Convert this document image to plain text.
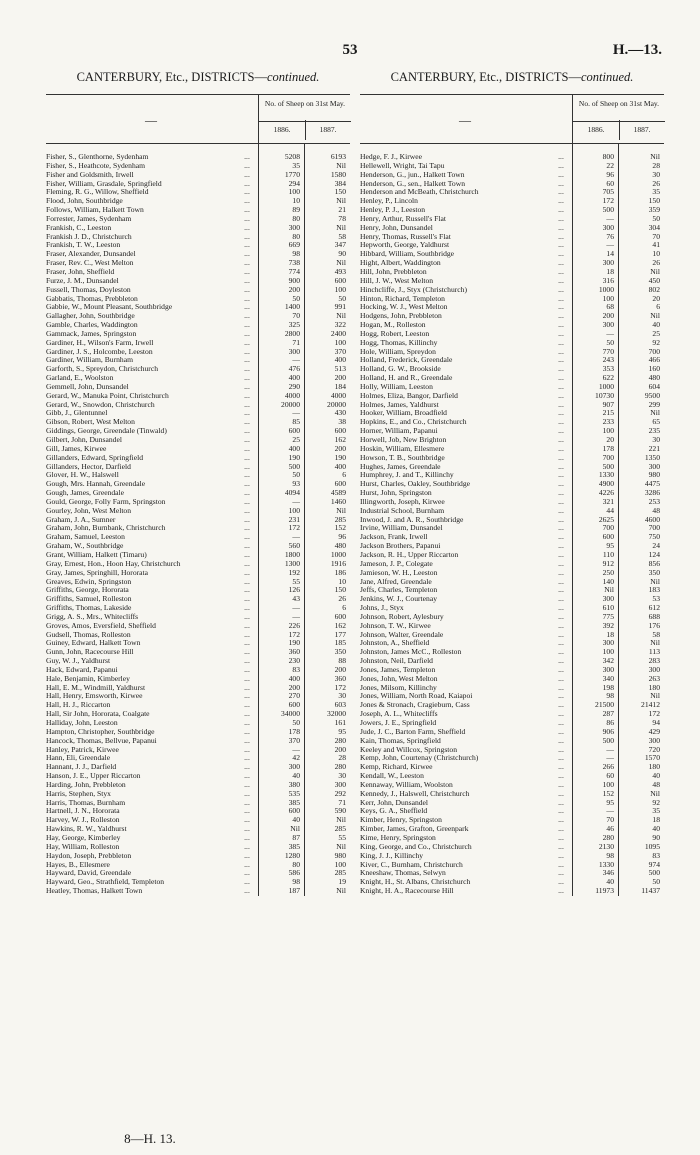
53	H.—13.
CANTERBURY, Etc., DISTRICTS—continued.
—
No. of Sheep on 31st May.
1886.	1887.
Fisher, S., Glenthorne, Sydenham	...	5208	6193
Fisher, S., Heathcote, Sydenham	...	35	Nil
Fisher and Goldsmith, Irwell	...	1770	1580
Fisher, William, Grasdale, Springfield	...	294	384
Fleming, R. G., Willow, Sheffield	...	100	150
Flood, John, Southbridge	...	10	Nil
Follows, William, Halkett Town	...	89	21
Forrester, James, Sydenham	...	80	78
Frankish, C., Leeston	...	300	Nil
Frankish J. D., Christchurch	...	80	58
Frankish, T. W., Leeston	...	669	347
Fraser, Alexander, Dunsandel	...	98	90
Fraser, Rev. C., West Melton	...	738	Nil
Fraser, John, Sheffield	...	774	493
Furze, J. M., Dunsandel	...	900	600
Fussell, Thomas, Doyleston	...	200	100
Gabbatis, Thomas, Prebbleton	...	50	50
Gabbie, W., Mount Pleasant, Southbridge	...	1400	991
Gallagher, John, Southbridge	...	70	Nil
Gamble, Charles, Waddington	...	325	322
Gammack, James, Springston	...	2800	2400
Gardiner, H., Wilson's Farm, Irwell	...	71	100
Gardiner, J. S., Holcombe, Leeston	...	300	370
Gardiner, William, Burnham	...	—	400
Garforth, S., Spreydon, Christchurch	...	476	513
Garland, E., Woolston	...	400	200
Gemmell, John, Dunsandel	...	290	184
Gerard, W., Manuka Point, Christchurch	...	4000	4000
Gerard, W., Snowdon, Christchurch	...	20000	20000
Gibb, J., Glentunnel	...	—	430
Gibson, Robert, West Melton	...	85	38
Giddings, George, Greendale (Tinwald)	...	600	600
Gilbert, John, Dunsandel	...	25	162
Gill, James, Kirwee	...	400	200
Gillanders, Edward, Springfield	...	190	190
Gillanders, Hector, Darfield	...	500	400
Glover, H. W., Halswell	...	50	6
Gough, Mrs. Hannah, Greendale	...	93	600
Gough, James, Greendale	...	4094	4589
Gould, George, Folly Farm, Springston	...	—	1460
Gourley, John, West Melton	...	100	Nil
Graham, J. A., Sumner	...	231	285
Graham, John, Burnbank, Christchurch	...	172	152
Graham, Samuel, Leeston	...	—	96
Graham, W., Southbridge	...	560	480
Grant, William, Halkett (Timaru)	...	1800	1000
Gray, Ernest, Hon., Hoon Hay, Christchurch	...	1300	1916
Gray, James, Springhill, Hororata	...	192	186
Greaves, Edwin, Springston	...	55	10
Griffiths, George, Hororata	...	126	150
Griffiths, Samuel, Rolleston	...	43	26
Griffiths, Thomas, Lakeside	...	—	6
Grigg, A. S., Mrs., Whitecliffs	...	—	600
Groves, Amos, Eversfield, Sheffield	...	226	162
Gudsell, Thomas, Rolleston	...	172	177
Guiney, Edward, Halkett Town	...	190	185
Gunn, John, Racecourse Hill	...	360	350
Guy, W. J., Yaldhurst	...	230	88
Hack, Edward, Papanui	...	83	200
Hale, Benjamin, Kimberley	...	400	360
Hall, E. M., Windmill, Yaldhurst	...	200	172
Hall, Henry, Emsworth, Kirwee	...	270	30
Hall, H. J., Riccarton	...	600	603
Hall, Sir John, Hororata, Coalgate	...	34000	32000
Halliday, John, Leeston	...	50	161
Hampton, Christopher, Southbridge	...	178	95
Hancock, Thomas, Bellvue, Papanui	...	370	280
Hanley, Patrick, Kirwee	...	—	200
Hann, Eli, Greendale	...	42	28
Hannant, J. J., Darfield	...	300	280
Hanson, J. E., Upper Riccarton	...	40	30
Harding, John, Prebbleton	...	380	300
Harris, Stephen, Styx	...	535	292
Harris, Thomas, Burnham	...	385	71
Hartnell, J. N., Hororata	...	600	590
Harvey, W. J., Rolleston	...	40	Nil
Hawkins, R. W., Yaldhurst	...	Nil	285
Hay, George, Kimberley	...	87	55
Hay, William, Rolleston	...	385	Nil
Haydon, Joseph, Prebbleton	...	1280	980
Hayes, B., Ellesmere	...	80	100
Hayward, David, Greendale	...	586	285
Hayward, Geo., Strathfield, Templeton	...	98	19
Heatley, Thomas, Halkett Town	...	187	Nil
CANTERBURY, Etc., DISTRICTS—continued.
—
No. of Sheep on 31st May.
1886.	1887.
Hedge, F. J., Kirwee	...	800	Nil
Hellewell, Wright, Tai Tapu	...	22	28
Henderson, G., jun., Halkett Town	...	96	30
Henderson, G., sen., Halkett Town	...	60	26
Henderson and McBeath, Christchurch	...	705	35
Henley, P., Lincoln	...	172	150
Henley, P. J., Leeston	...	500	359
Henry, Arthur, Russell's Flat	...	—	50
Henry, John, Dunsandel	...	300	304
Henry, Thomas, Russell's Flat	...	76	70
Hepworth, George, Yaldhurst	...	—	41
Hibbard, William, Southbridge	...	14	10
Hight, Albert, Waddington	...	300	26
Hill, John, Prebbleton	...	18	Nil
Hill, J. W., West Melton	...	316	450
Hinchcliffe, J., Styx (Christchurch)	...	1000	802
Hinton, Richard, Templeton	...	100	20
Hocking, W. J., West Melton	...	68	6
Hodgens, John, Prebbleton	...	200	Nil
Hogan, M., Rolleston	...	300	40
Hogg, Robert, Leeston	...	—	25
Hogg, Thomas, Killinchy	...	50	92
Hole, William, Spreydon	...	770	700
Holland, Frederick, Greendale	...	243	466
Holland, G. W., Brookside	...	353	160
Holland, H. and R., Greendale	...	622	480
Holly, William, Leeston	...	1000	604
Holmes, Eliza, Bangor, Darfield	...	10730	9500
Holmes, James, Yaldhurst	...	907	299
Hooker, William, Broadfield	...	215	Nil
Hopkins, E., and Co., Christchurch	...	233	65
Horner, William, Papanui	...	100	235
Horwell, Job, New Brighton	...	20	30
Hoskin, William, Ellesmere	...	178	221
Howson, T. B., Southbridge	...	700	1350
Hughes, James, Greendale	...	500	300
Humphrey, J. and T., Killinchy	...	1330	980
Hurst, Charles, Oakley, Southbridge	...	4900	4475
Hurst, John, Springston	...	4226	3286
Illingworth, Joseph, Kirwee	...	321	253
Industrial School, Burnham	...	44	48
Inwood, J. and A. R., Southbridge	...	2625	4600
Irvine, William, Dunsandel	...	700	700
Jackson, Frank, Irwell	...	600	750
Jackson Brothers, Papanui	...	95	24
Jackson, R. H., Upper Riccarton	...	110	124
Jameson, J. P., Colegate	...	912	856
Jamieson, W. H., Leeston	...	250	350
Jane, Alfred, Greendale	...	140	Nil
Jeffs, Charles, Templeton	...	Nil	183
Jenkins, W. J., Courtenay	...	300	53
Johns, J., Styx	...	610	612
Johnson, Robert, Aylesbury	...	775	688
Johnson, T. W., Kirwee	...	392	176
Johnson, Walter, Greendale	...	18	58
Johnston, A., Sheffield	...	300	Nil
Johnston, James McC., Rolleston	...	100	113
Johnston, Neil, Darfield	...	342	283
Jones, James, Templeton	...	300	300
Jones, John, West Melton	...	340	263
Jones, Milsom, Killinchy	...	198	180
Jones, William, North Road, Kaiapoi	...	98	Nil
Jones & Stronach, Cragieburn, Cass	...	21500	21412
Joseph, A. L., Whitecliffs	...	287	172
Jowers, J. E., Springfield	...	86	94
Jude, J. C., Barton Farm, Sheffield	...	906	429
Kain, Thomas, Springfield	...	500	300
Keeley and Willcox, Springston	...	—	720
Kemp, John, Courtenay (Christchurch)	...	—	1570
Kemp, Richard, Kirwee	...	266	180
Kendall, W., Leeston	...	60	40
Kennaway, William, Woolston	...	100	48
Kennedy, J., Halswell, Christchurch	...	152	Nil
Kerr, John, Dunsandel	...	95	92
Keys, G. A., Sheffield	...	—	35
Kimber, Henry, Springston	...	70	18
Kimber, James, Grafton, Greenpark	...	46	40
Kime, Henry, Springston	...	280	90
King, George, and Co., Christchurch	...	2130	1095
King, J. J., Killinchy	...	98	83
Kiver, C., Burnham, Christchurch	...	1330	974
Kneeshaw, Thomas, Selwyn	...	346	500
Knight, H., St. Albans, Christchurch	...	40	50
Knight, H. A., Racecourse Hill	...	11973	11437
8—H. 13.
